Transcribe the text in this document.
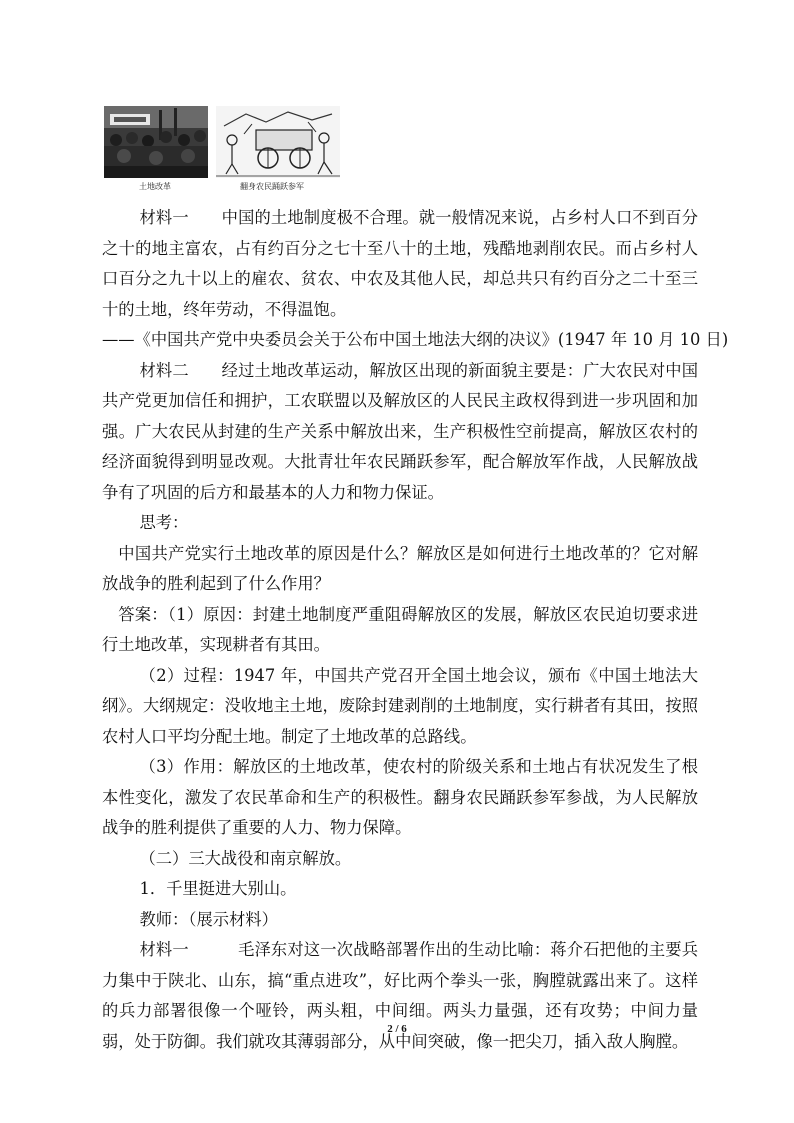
土地改革	翻身农民踊跃参军

材料一　　中国的土地制度极不合理。就一般情况来说，占乡村人口不到百分之十的地主富农，占有约百分之七十至八十的土地，残酷地剥削农民。而占乡村人口百分之九十以上的雇农、贫农、中农及其他人民，却总共只有约百分之二十至三十的土地，终年劳动，不得温饱。

——《中国共产党中央委员会关于公布中国土地法大纲的决议》(1947 年 10 月 10 日)

材料二　　经过土地改革运动，解放区出现的新面貌主要是：广大农民对中国共产党更加信任和拥护，工农联盟以及解放区的人民民主政权得到进一步巩固和加强。广大农民从封建的生产关系中解放出来，生产积极性空前提高，解放区农村的经济面貌得到明显改观。大批青壮年农民踊跃参军，配合解放军作战，人民解放战争有了巩固的后方和最基本的人力和物力保证。

思考：

中国共产党实行土地改革的原因是什么？解放区是如何进行土地改革的？它对解放战争的胜利起到了什么作用？

答案：（1）原因：封建土地制度严重阻碍解放区的发展，解放区农民迫切要求进行土地改革，实现耕者有其田。

（2）过程：1947 年，中国共产党召开全国土地会议，颁布《中国土地法大纲》。大纲规定：没收地主土地，废除封建剥削的土地制度，实行耕者有其田，按照农村人口平均分配土地。制定了土地改革的总路线。

（3）作用：解放区的土地改革，使农村的阶级关系和土地占有状况发生了根本性变化，激发了农民革命和生产的积极性。翻身农民踊跃参军参战，为人民解放战争的胜利提供了重要的人力、物力保障。

（二）三大战役和南京解放。

1．千里挺进大别山。

教师：（展示材料）

材料一　　　毛泽东对这一次战略部署作出的生动比喻：蒋介石把他的主要兵力集中于陕北、山东，搞“重点进攻”，好比两个拳头一张，胸膛就露出来了。这样的兵力部署很像一个哑铃，两头粗，中间细。两头力量强，还有攻势；中间力量弱，处于防御。我们就攻其薄弱部分，从中间突破，像一把尖刀，插入敌人胸膛。

2 / 6
